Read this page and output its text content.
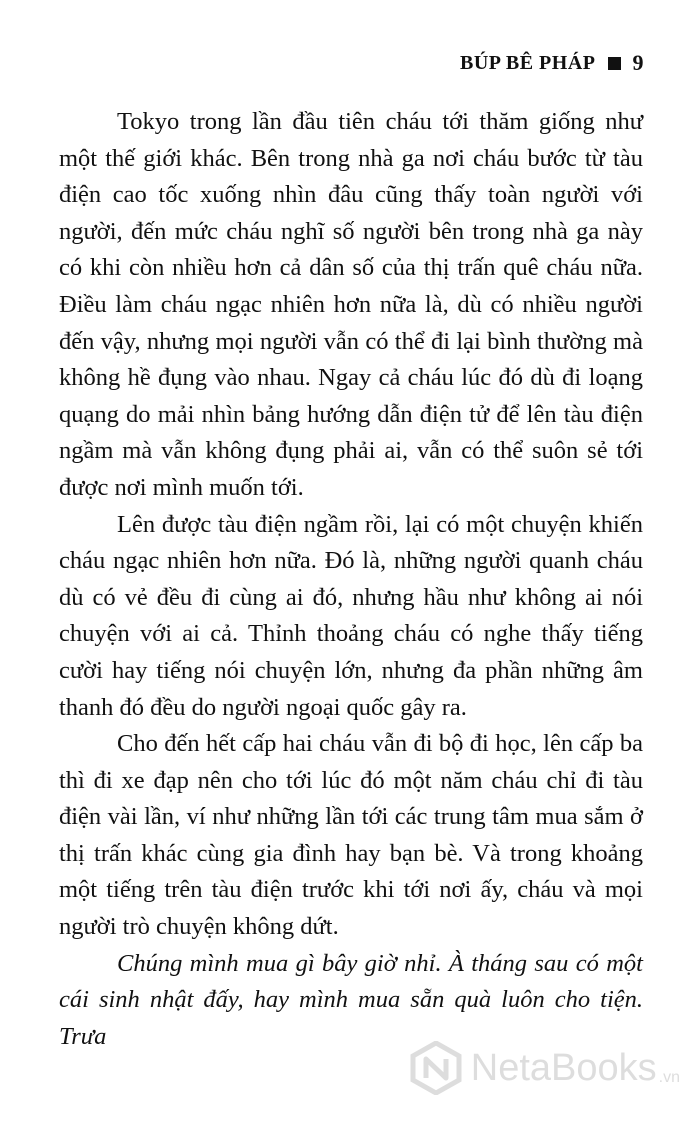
BÚP BÊ PHÁP 9

Tokyo trong lần đầu tiên cháu tới thăm giống như một thế giới khác. Bên trong nhà ga nơi cháu bước từ tàu điện cao tốc xuống nhìn đâu cũng thấy toàn người với người, đến mức cháu nghĩ số người bên trong nhà ga này có khi còn nhiều hơn cả dân số của thị trấn quê cháu nữa. Điều làm cháu ngạc nhiên hơn nữa là, dù có nhiều người đến vậy, nhưng mọi người vẫn có thể đi lại bình thường mà không hề đụng vào nhau. Ngay cả cháu lúc đó dù đi loạng quạng do mải nhìn bảng hướng dẫn điện tử để lên tàu điện ngầm mà vẫn không đụng phải ai, vẫn có thể suôn sẻ tới được nơi mình muốn tới.

Lên được tàu điện ngầm rồi, lại có một chuyện khiến cháu ngạc nhiên hơn nữa. Đó là, những người quanh cháu dù có vẻ đều đi cùng ai đó, nhưng hầu như không ai nói chuyện với ai cả. Thỉnh thoảng cháu có nghe thấy tiếng cười hay tiếng nói chuyện lớn, nhưng đa phần những âm thanh đó đều do người ngoại quốc gây ra.

Cho đến hết cấp hai cháu vẫn đi bộ đi học, lên cấp ba thì đi xe đạp nên cho tới lúc đó một năm cháu chỉ đi tàu điện vài lần, ví như những lần tới các trung tâm mua sắm ở thị trấn khác cùng gia đình hay bạn bè. Và trong khoảng một tiếng trên tàu điện trước khi tới nơi ấy, cháu và mọi người trò chuyện không dứt.

Chúng mình mua gì bây giờ nhỉ. À tháng sau có một cái sinh nhật đấy, hay mình mua sẵn quà luôn cho tiện. Trưa

NetaBooks .vn
